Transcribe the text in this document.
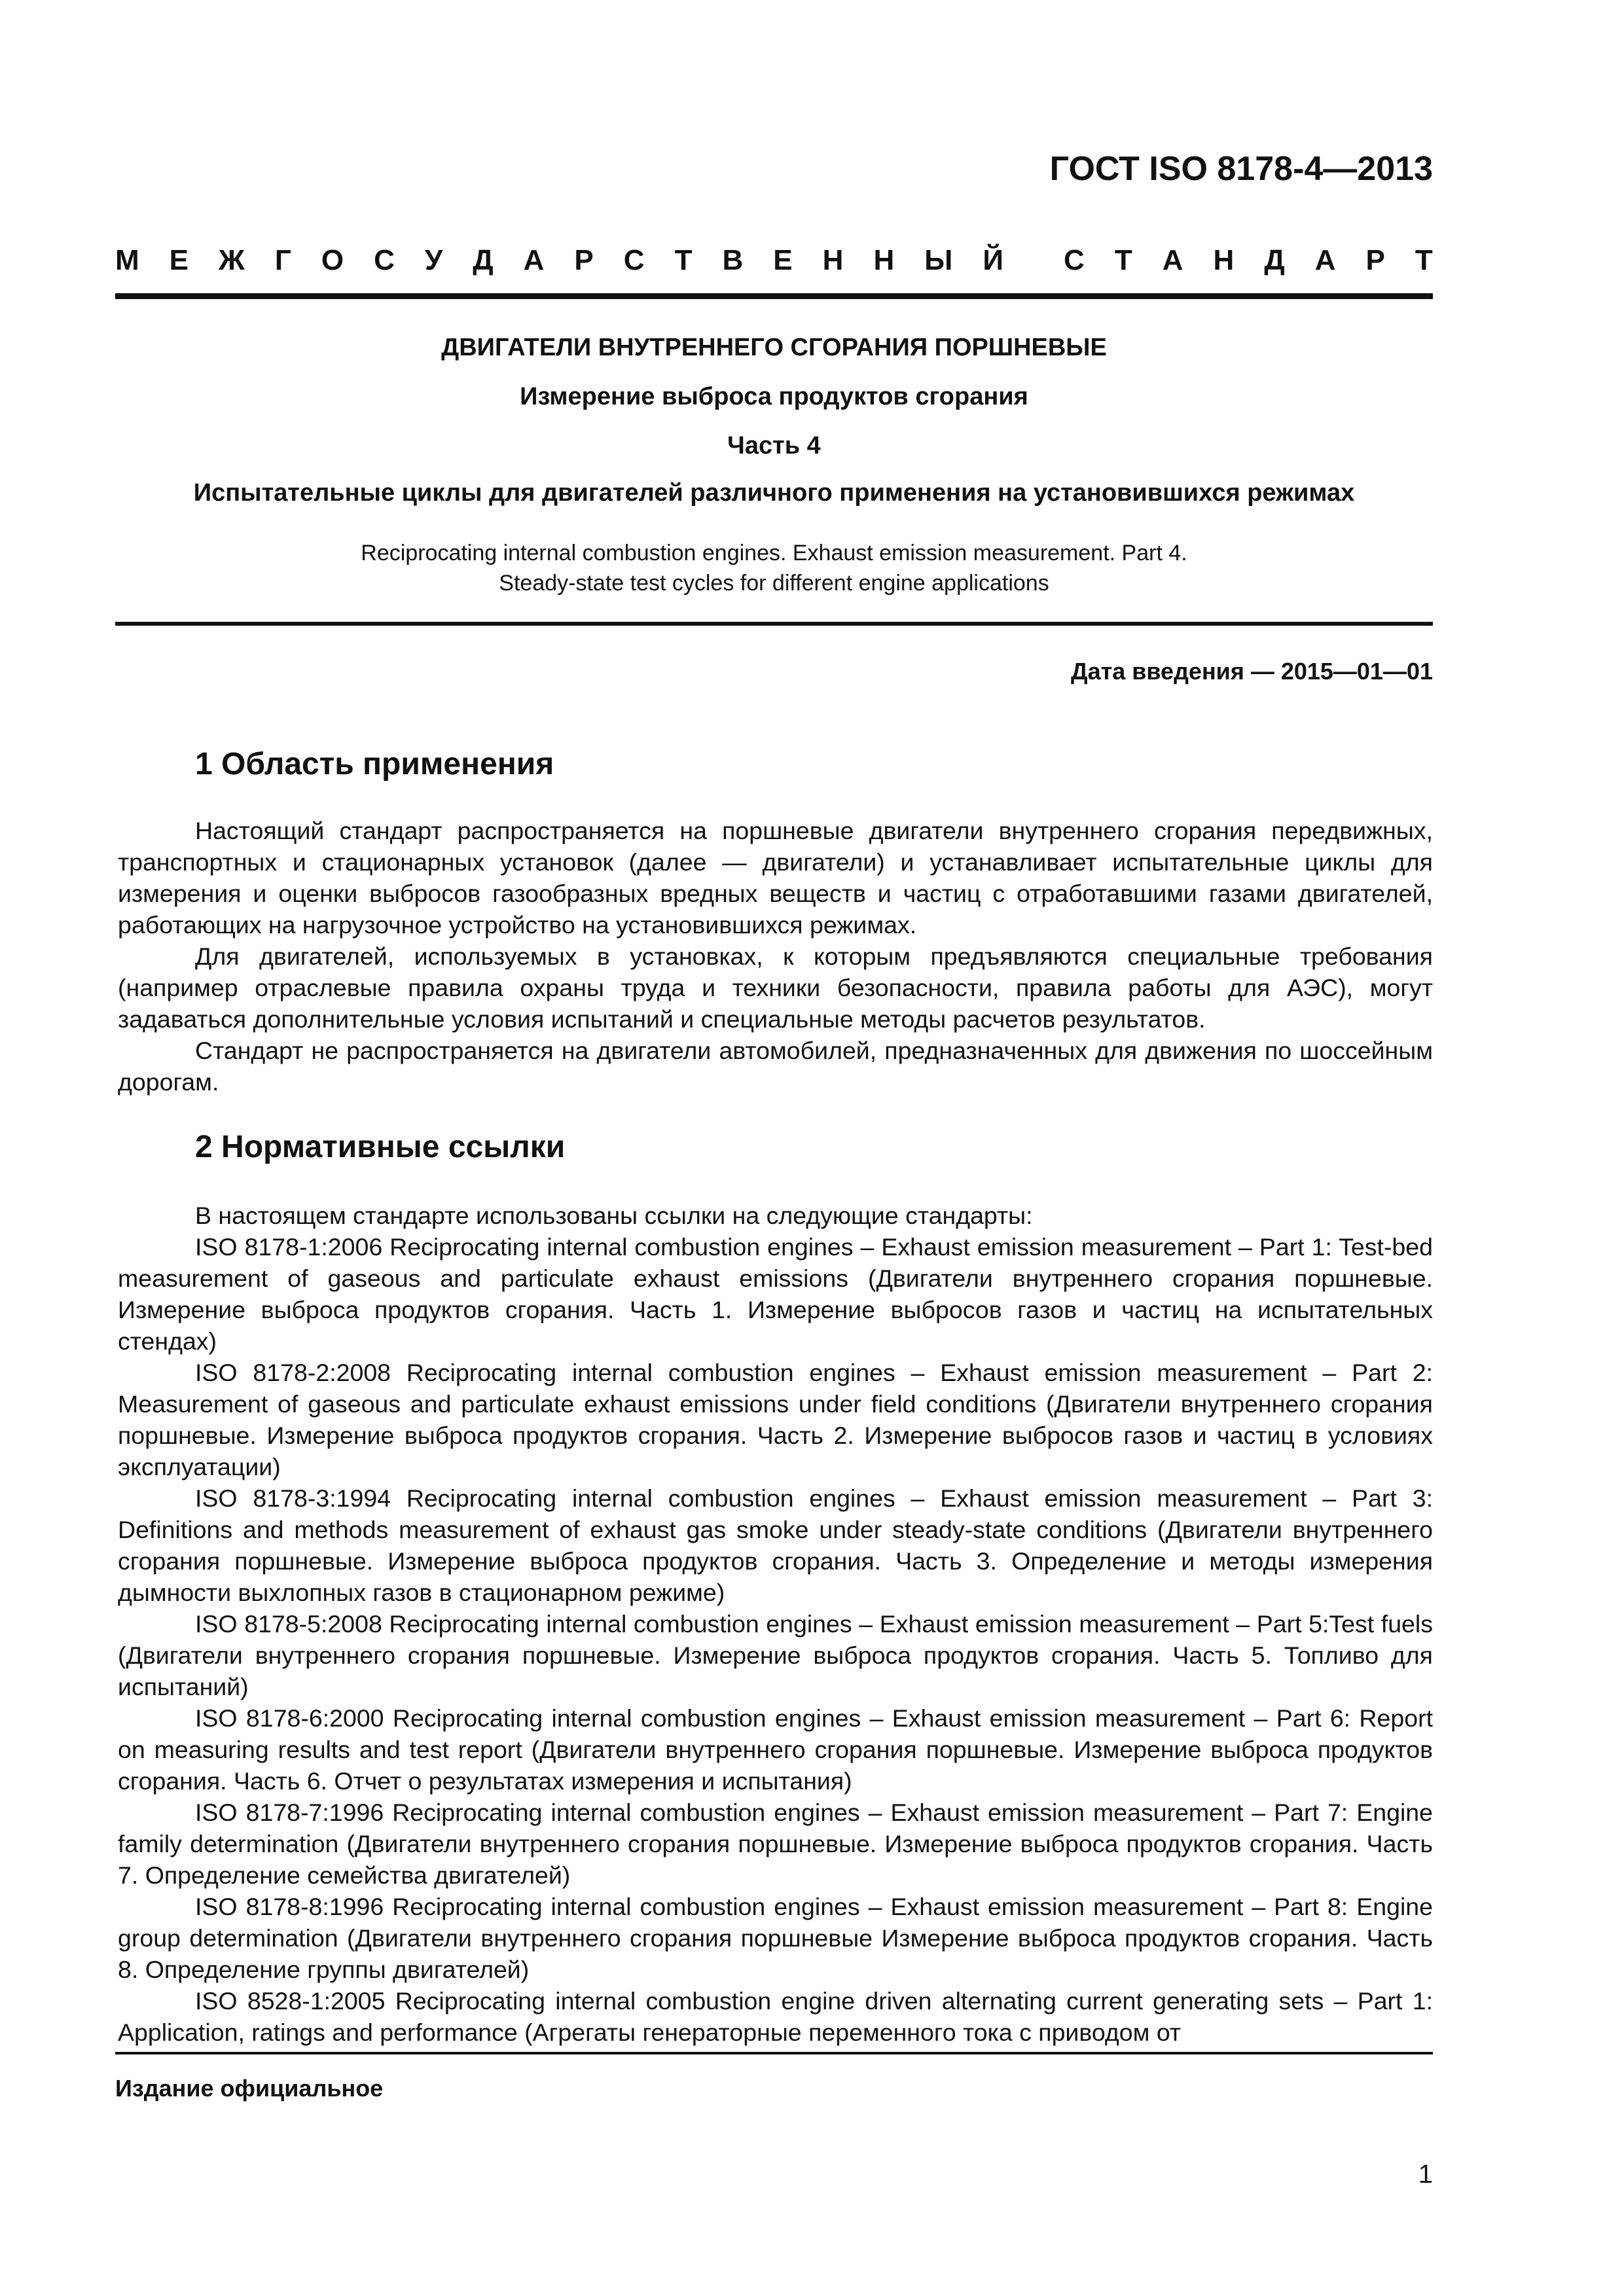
ГОСТ ISO 8178-4—2013
М Е Ж Г О С У Д А Р С Т В Е Н Н Ы Й С Т А Н Д А Р Т
ДВИГАТЕЛИ ВНУТРЕННЕГО СГОРАНИЯ ПОРШНЕВЫЕ
Измерение выброса продуктов сгорания
Часть 4
Испытательные циклы для двигателей различного применения на установившихся режимах
Reciprocating internal combustion engines. Exhaust emission measurement. Part 4.
Steady-state test cycles for different engine applications
Дата введения — 2015—01—01
1 Область применения

Настоящий стандарт распространяется на поршневые двигатели внутреннего сгорания передвижных, транспортных и стационарных установок (далее — двигатели) и устанавливает испытательные циклы для измерения и оценки выбросов газообразных вредных веществ и частиц с отработавшими газами двигателей, работающих на нагрузочное устройство на установившихся режимах.

Для двигателей, используемых в установках, к которым предъявляются специальные требования (например отраслевые правила охраны труда и техники безопасности, правила работы для АЭС), могут задаваться дополнительные условия испытаний и специальные методы расчетов результатов.

Стандарт не распространяется на двигатели автомобилей, предназначенных для движения по шоссейным дорогам.

2 Нормативные ссылки

В настоящем стандарте использованы ссылки на следующие стандарты:

ISO 8178-1:2006 Reciprocating internal combustion engines – Exhaust emission measurement – Part 1: Test-bed measurement of gaseous and particulate exhaust emissions (Двигатели внутреннего сгорания поршневые. Измерение выброса продуктов сгорания. Часть 1. Измерение выбросов газов и частиц на испытательных стендах)

ISO 8178-2:2008 Reciprocating internal combustion engines – Exhaust emission measurement – Part 2: Measurement of gaseous and particulate exhaust emissions under field conditions (Двигатели внутреннего сгорания поршневые. Измерение выброса продуктов сгорания. Часть 2. Измерение выбросов газов и частиц в условиях эксплуатации)

ISO 8178-3:1994 Reciprocating internal combustion engines – Exhaust emission measurement – Part 3: Definitions and methods measurement of exhaust gas smoke under steady-state conditions (Двигатели внутреннего сгорания поршневые. Измерение выброса продуктов сгорания. Часть 3. Определение и методы измерения дымности выхлопных газов в стационарном режиме)

ISO 8178-5:2008 Reciprocating internal combustion engines – Exhaust emission measurement – Part 5:Test fuels (Двигатели внутреннего сгорания поршневые. Измерение выброса продуктов сгорания. Часть 5. Топливо для испытаний)

ISO 8178-6:2000 Reciprocating internal combustion engines – Exhaust emission measurement – Part 6: Report on measuring results and test report (Двигатели внутреннего сгорания поршневые. Измерение выброса продуктов сгорания. Часть 6. Отчет о результатах измерения и испытания)

ISO 8178-7:1996 Reciprocating internal combustion engines – Exhaust emission measurement – Part 7: Engine family determination (Двигатели внутреннего сгорания поршневые. Измерение выброса продуктов сгорания. Часть 7. Определение семейства двигателей)

ISO 8178-8:1996 Reciprocating internal combustion engines – Exhaust emission measurement – Part 8: Engine group determination (Двигатели внутреннего сгорания поршневые Измерение выброса продуктов сгорания. Часть 8. Определение группы двигателей)

ISO 8528-1:2005 Reciprocating internal combustion engine driven alternating current generating sets – Part 1: Application, ratings and performance (Агрегаты генераторные переменного тока с приводом от

Издание официальное
1
